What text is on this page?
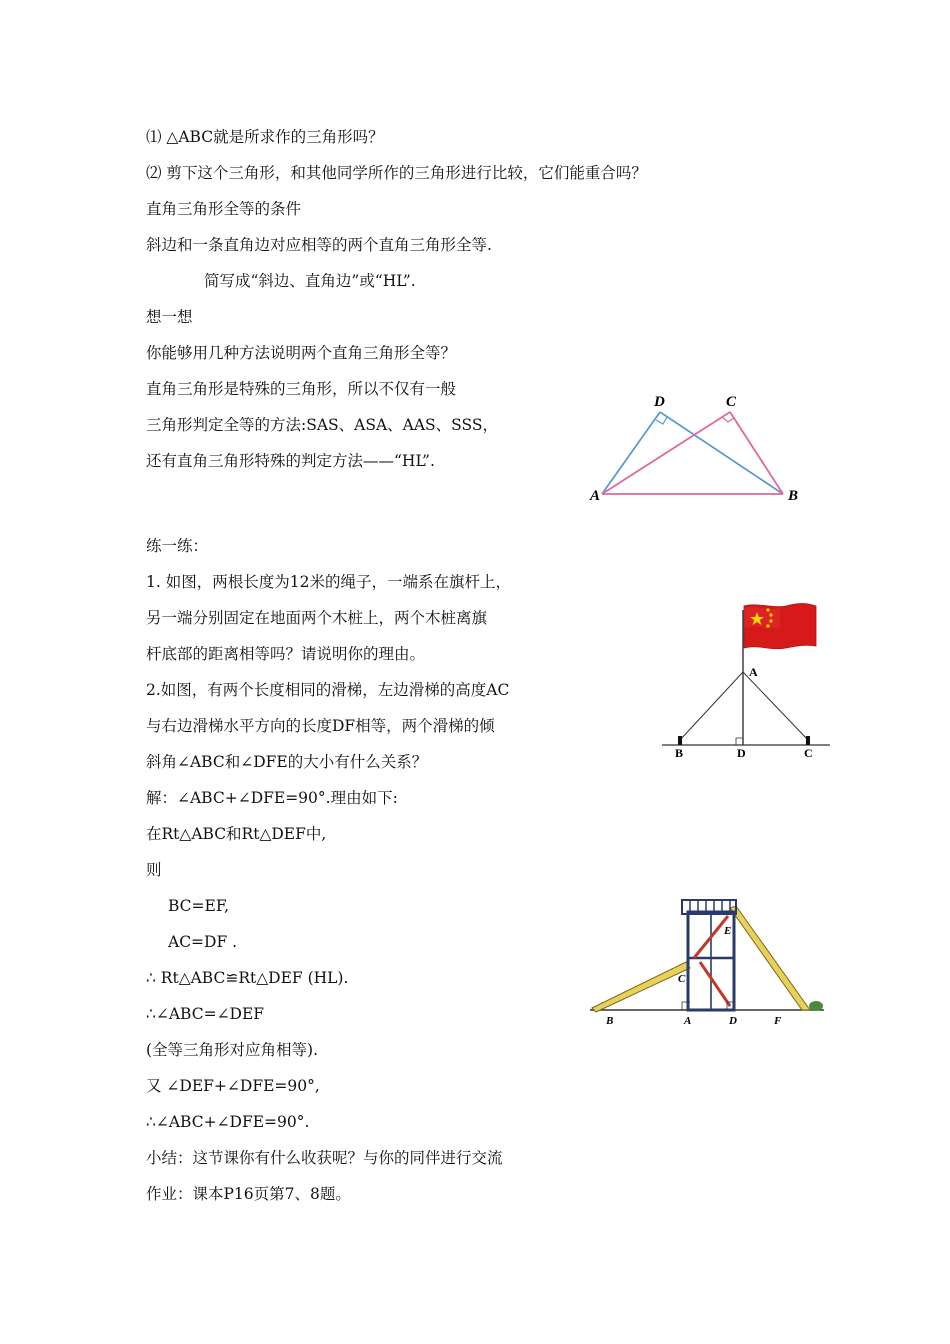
⑴ △ABC就是所求作的三角形吗？
⑵ 剪下这个三角形，和其他同学所作的三角形进行比较，它们能重合吗？
直角三角形全等的条件
斜边和一条直角边对应相等的两个直角三角形全等.
简写成“斜边、直角边”或“HL”.
想一想
你能够用几种方法说明两个直角三角形全等？
直角三角形是特殊的三角形，所以不仅有一般
三角形判定全等的方法:SAS、ASA、AAS、SSS，
还有直角三角形特殊的判定方法——“HL”.
练一练：
1. 如图，两根长度为12米的绳子，一端系在旗杆上，
另一端分别固定在地面两个木桩上，两个木桩离旗
杆底部的距离相等吗？请说明你的理由。
2.如图，有两个长度相同的滑梯，左边滑梯的高度AC
与右边滑梯水平方向的长度DF相等，两个滑梯的倾
斜角∠ABC和∠DFE的大小有什么关系？
解：∠ABC+∠DFE=90°.理由如下:
在Rt△ABC和Rt△DEF中,
则
BC=EF,
AC=DF .
∴ Rt△ABC≌Rt△DEF (HL).
∴∠ABC=∠DEF
(全等三角形对应角相等).
又 ∠DEF+∠DFE=90°,
∴∠ABC+∠DFE=90°.
小结：这节课你有什么收获呢？与你的同伴进行交流
作业：课本P16页第7、8题。
D	C
A	B
A
B	D	C
E
C
B	A	D	F
